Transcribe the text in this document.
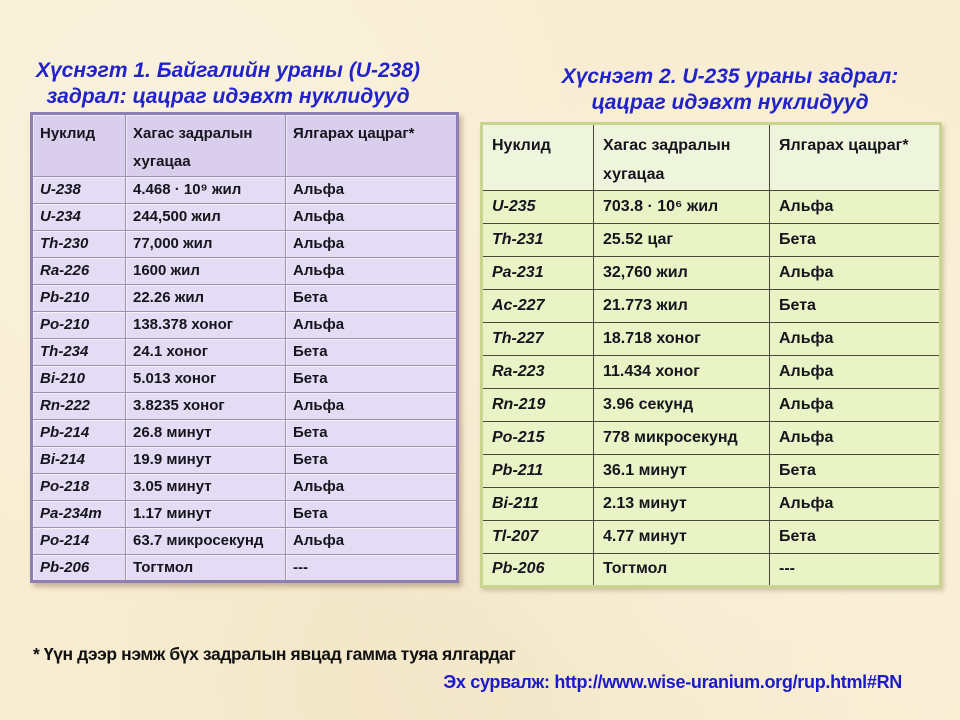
Хүснэгт 1. Байгалийн ураны (U-238)
задрал: цацраг идэвхт нуклидууд
Нуклид	Хагас задралын хугацаа	Ялгарах цацраг*
U-238	4.468 · 10⁹ жил	Альфа
U-234	244,500 жил	Альфа
Th-230	77,000 жил	Альфа
Ra-226	1600 жил	Альфа
Pb-210	22.26 жил	Бета
Po-210	138.378 хоног	Альфа
Th-234	24.1 хоног	Бета
Bi-210	5.013 хоног	Бета
Rn-222	3.8235 хоног	Альфа
Pb-214	26.8 минут	Бета
Bi-214	19.9 минут	Бета
Po-218	3.05 минут	Альфа
Pa-234m	1.17 минут	Бета
Po-214	63.7 микросекунд	Альфа
Pb-206	Тогтмол	---
Хүснэгт 2. U-235 ураны задрал:
цацраг идэвхт нуклидууд
Нуклид	Хагас задралын хугацаа	Ялгарах цацраг*
U-235	703.8 · 10⁶ жил	Альфа
Th-231	25.52 цаг	Бета
Pa-231	32,760 жил	Альфа
Ac-227	21.773 жил	Бета
Th-227	18.718 хоног	Альфа
Ra-223	11.434 хоног	Альфа
Rn-219	3.96 секунд	Альфа
Po-215	778 микросекунд	Альфа
Pb-211	36.1 минут	Бета
Bi-211	2.13 минут	Альфа
Tl-207	4.77 минут	Бета
Pb-206	Тогтмол	---
* Үүн дээр нэмж бүх задралын явцад гамма туяа ялгардаг
Эх сурвалж: http://www.wise-uranium.org/rup.html#RN
